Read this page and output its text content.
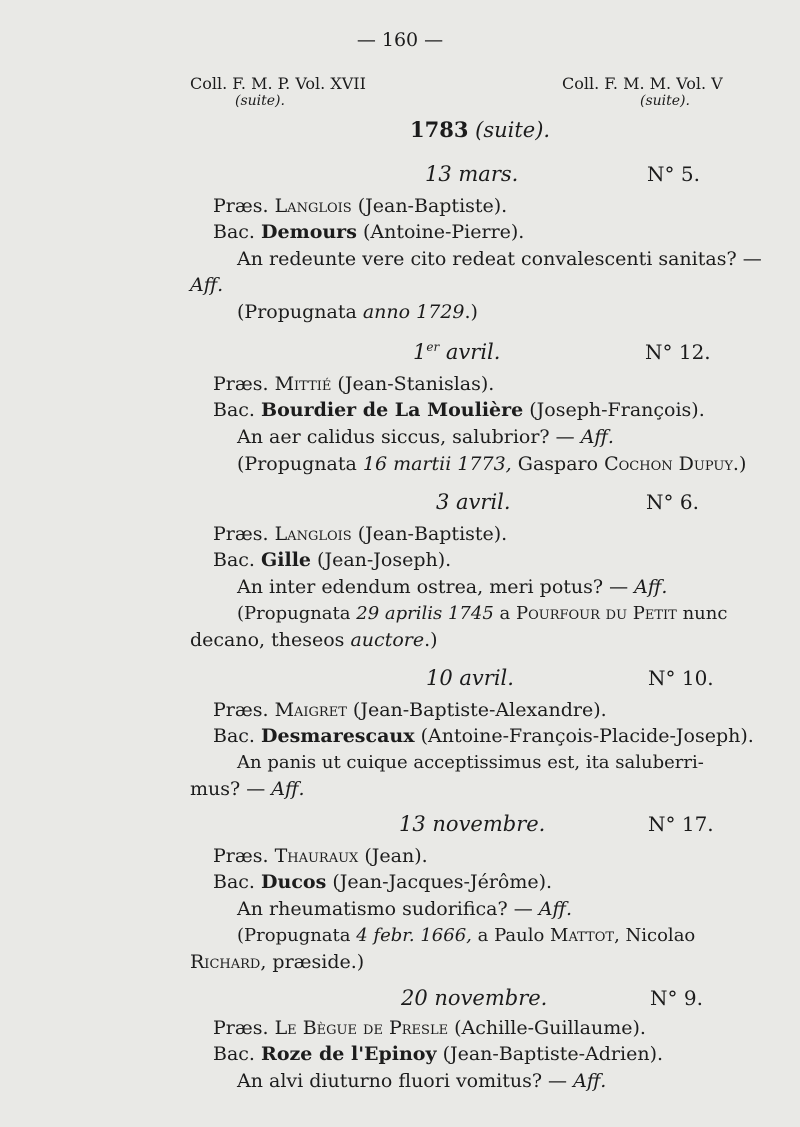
— 160 —
Coll. F. M. P. Vol. XVII
(suite).
Coll. F. M. M. Vol. V
(suite).
1783 (suite).
13 mars.	N° 5.
Præs. Langlois (Jean-Baptiste).
Bac. Demours (Antoine-Pierre).
An redeunte vere cito redeat convalescenti sanitas? —
Aff.
(Propugnata anno 1729.)
1er avril.	N° 12.
Præs. Mittié (Jean-Stanislas).
Bac. Bourdier de La Moulière (Joseph-François).
An aer calidus siccus, salubrior? — Aff.
(Propugnata 16 martii 1773, Gasparo Cochon Dupuy.)
3 avril.	N° 6.
Præs. Langlois (Jean-Baptiste).
Bac. Gille (Jean-Joseph).
An inter edendum ostrea, meri potus? — Aff.
(Propugnata 29 aprilis 1745 a Pourfour du Petit nunc
decano, theseos auctore.)
10 avril.	N° 10.
Præs. Maigret (Jean-Baptiste-Alexandre).
Bac. Desmarescaux (Antoine-François-Placide-Joseph).
An panis ut cuique acceptissimus est, ita saluberri-
mus? — Aff.
13 novembre.	N° 17.
Præs. Thauraux (Jean).
Bac. Ducos (Jean-Jacques-Jérôme).
An rheumatismo sudorifica? — Aff.
(Propugnata 4 febr. 1666, a Paulo Mattot, Nicolao
Richard, præside.)
20 novembre.	N° 9.
Præs. Le Bègue de Presle (Achille-Guillaume).
Bac. Roze de l'Epinoy (Jean-Baptiste-Adrien).
An alvi diuturno fluori vomitus? — Aff.
